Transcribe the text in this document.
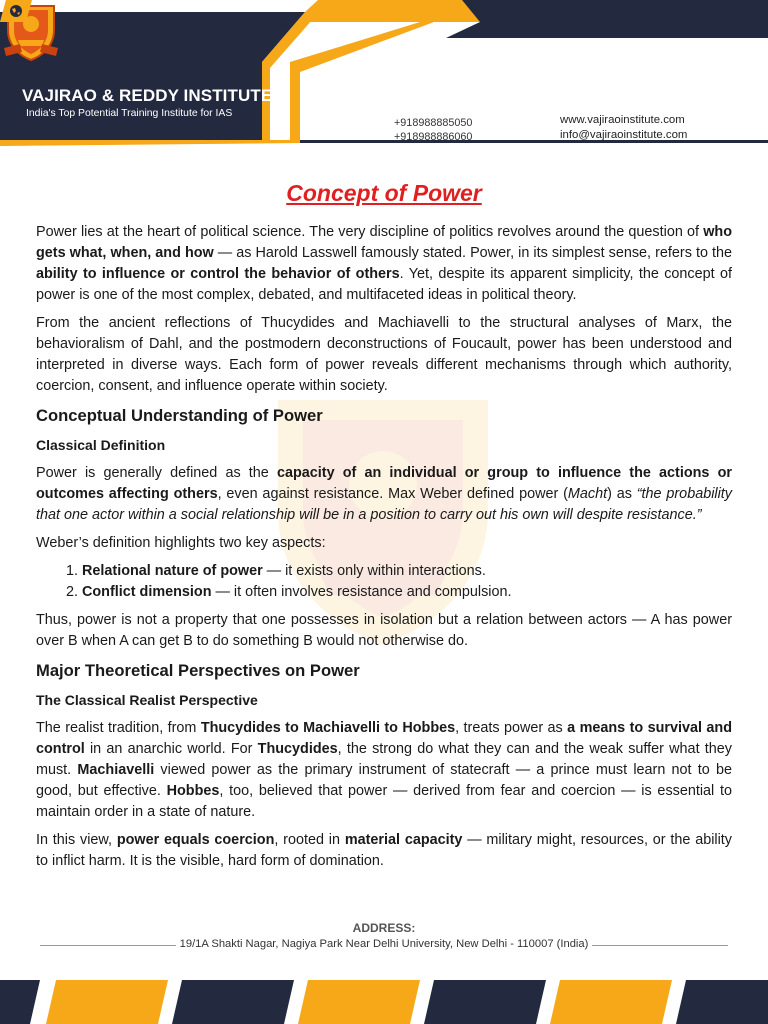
VAJIRAO & REDDY INSTITUTE
India's Top Potential Training Institute for IAS
+918988885050
+918988886060
www.vajiraoinstitute.com
info@vajiraoinstitute.com
Concept of Power

Power lies at the heart of political science. The very discipline of politics revolves around the question of who gets what, when, and how — as Harold Lasswell famously stated. Power, in its simplest sense, refers to the ability to influence or control the behavior of others. Yet, despite its apparent simplicity, the concept of power is one of the most complex, debated, and multifaceted ideas in political theory.

From the ancient reflections of Thucydides and Machiavelli to the structural analyses of Marx, the behavioralism of Dahl, and the postmodern deconstructions of Foucault, power has been understood and interpreted in diverse ways. Each form of power reveals different mechanisms through which authority, coercion, consent, and influence operate within society.

Conceptual Understanding of Power
Classical Definition

Power is generally defined as the capacity of an individual or group to influence the actions or outcomes affecting others, even against resistance. Max Weber defined power (Macht) as “the probability that one actor within a social relationship will be in a position to carry out his own will despite resistance.”

Weber’s definition highlights two key aspects:

1. Relational nature of power — it exists only within interactions.
2. Conflict dimension — it often involves resistance and compulsion.

Thus, power is not a property that one possesses in isolation but a relation between actors — A has power over B when A can get B to do something B would not otherwise do.

Major Theoretical Perspectives on Power
The Classical Realist Perspective

The realist tradition, from Thucydides to Machiavelli to Hobbes, treats power as a means to survival and control in an anarchic world. For Thucydides, the strong do what they can and the weak suffer what they must. Machiavelli viewed power as the primary instrument of statecraft — a prince must learn not to be good, but effective. Hobbes, too, believed that power — derived from fear and coercion — is essential to maintain order in a state of nature.

In this view, power equals coercion, rooted in material capacity — military might, resources, or the ability to inflict harm. It is the visible, hard form of domination.

ADDRESS:
19/1A Shakti Nagar, Nagiya Park Near Delhi University, New Delhi - 110007 (India)
